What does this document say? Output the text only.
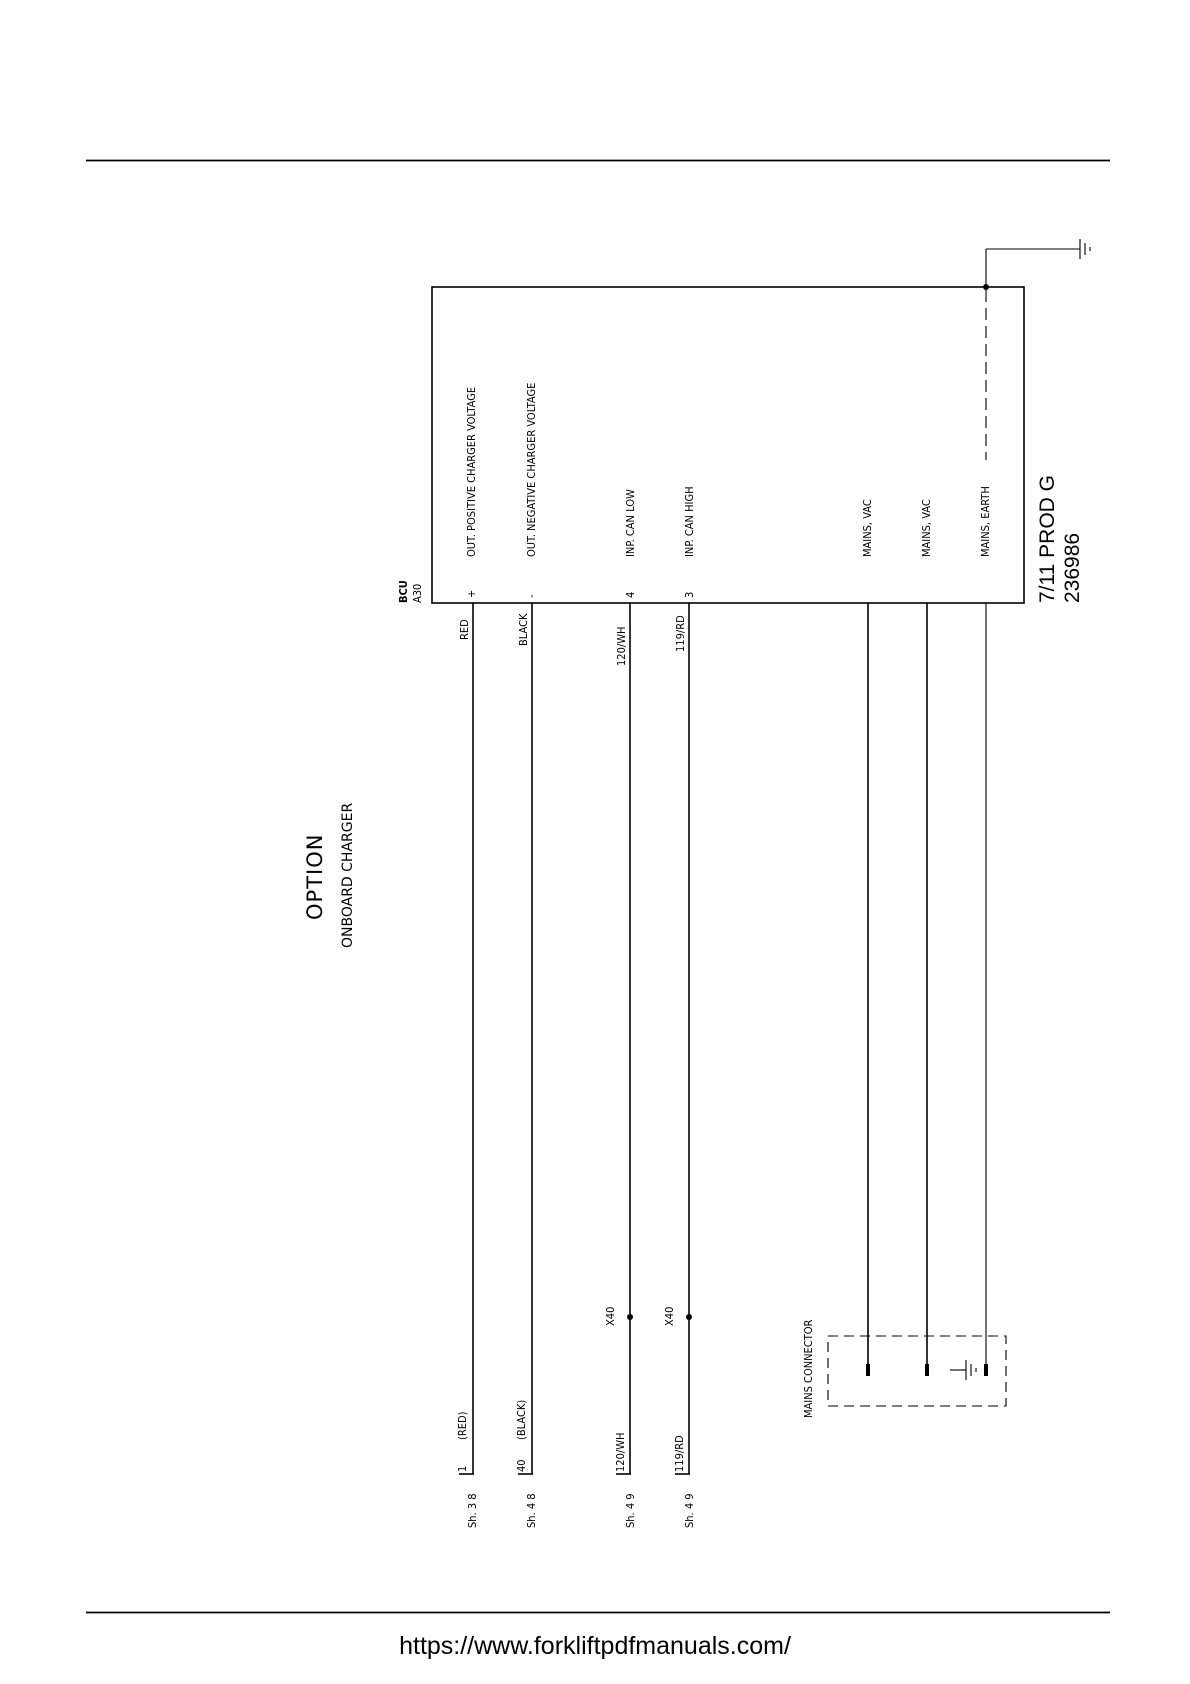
OPTION ONBOARD CHARGER
BCU A30
OUT. POSITIVE CHARGER VOLTAGE	OUT. NEGATIVE CHARGER VOLTAGE	INP. CAN LOW	INP. CAN HIGH	MAINS, VAC	MAINS, VAC	MAINS, EARTH
+	-	4	3
RED	BLACK	120/WH	119/RD
1
(RED)
40
(BLACK)
120/WH	119/RD
Sh. 3 8	Sh. 4 8	Sh. 4 9	Sh. 4 9
X40	X40
MAINS CONNECTOR
7/11 PROD G 236986
https://www.forkliftpdfmanuals.com/
